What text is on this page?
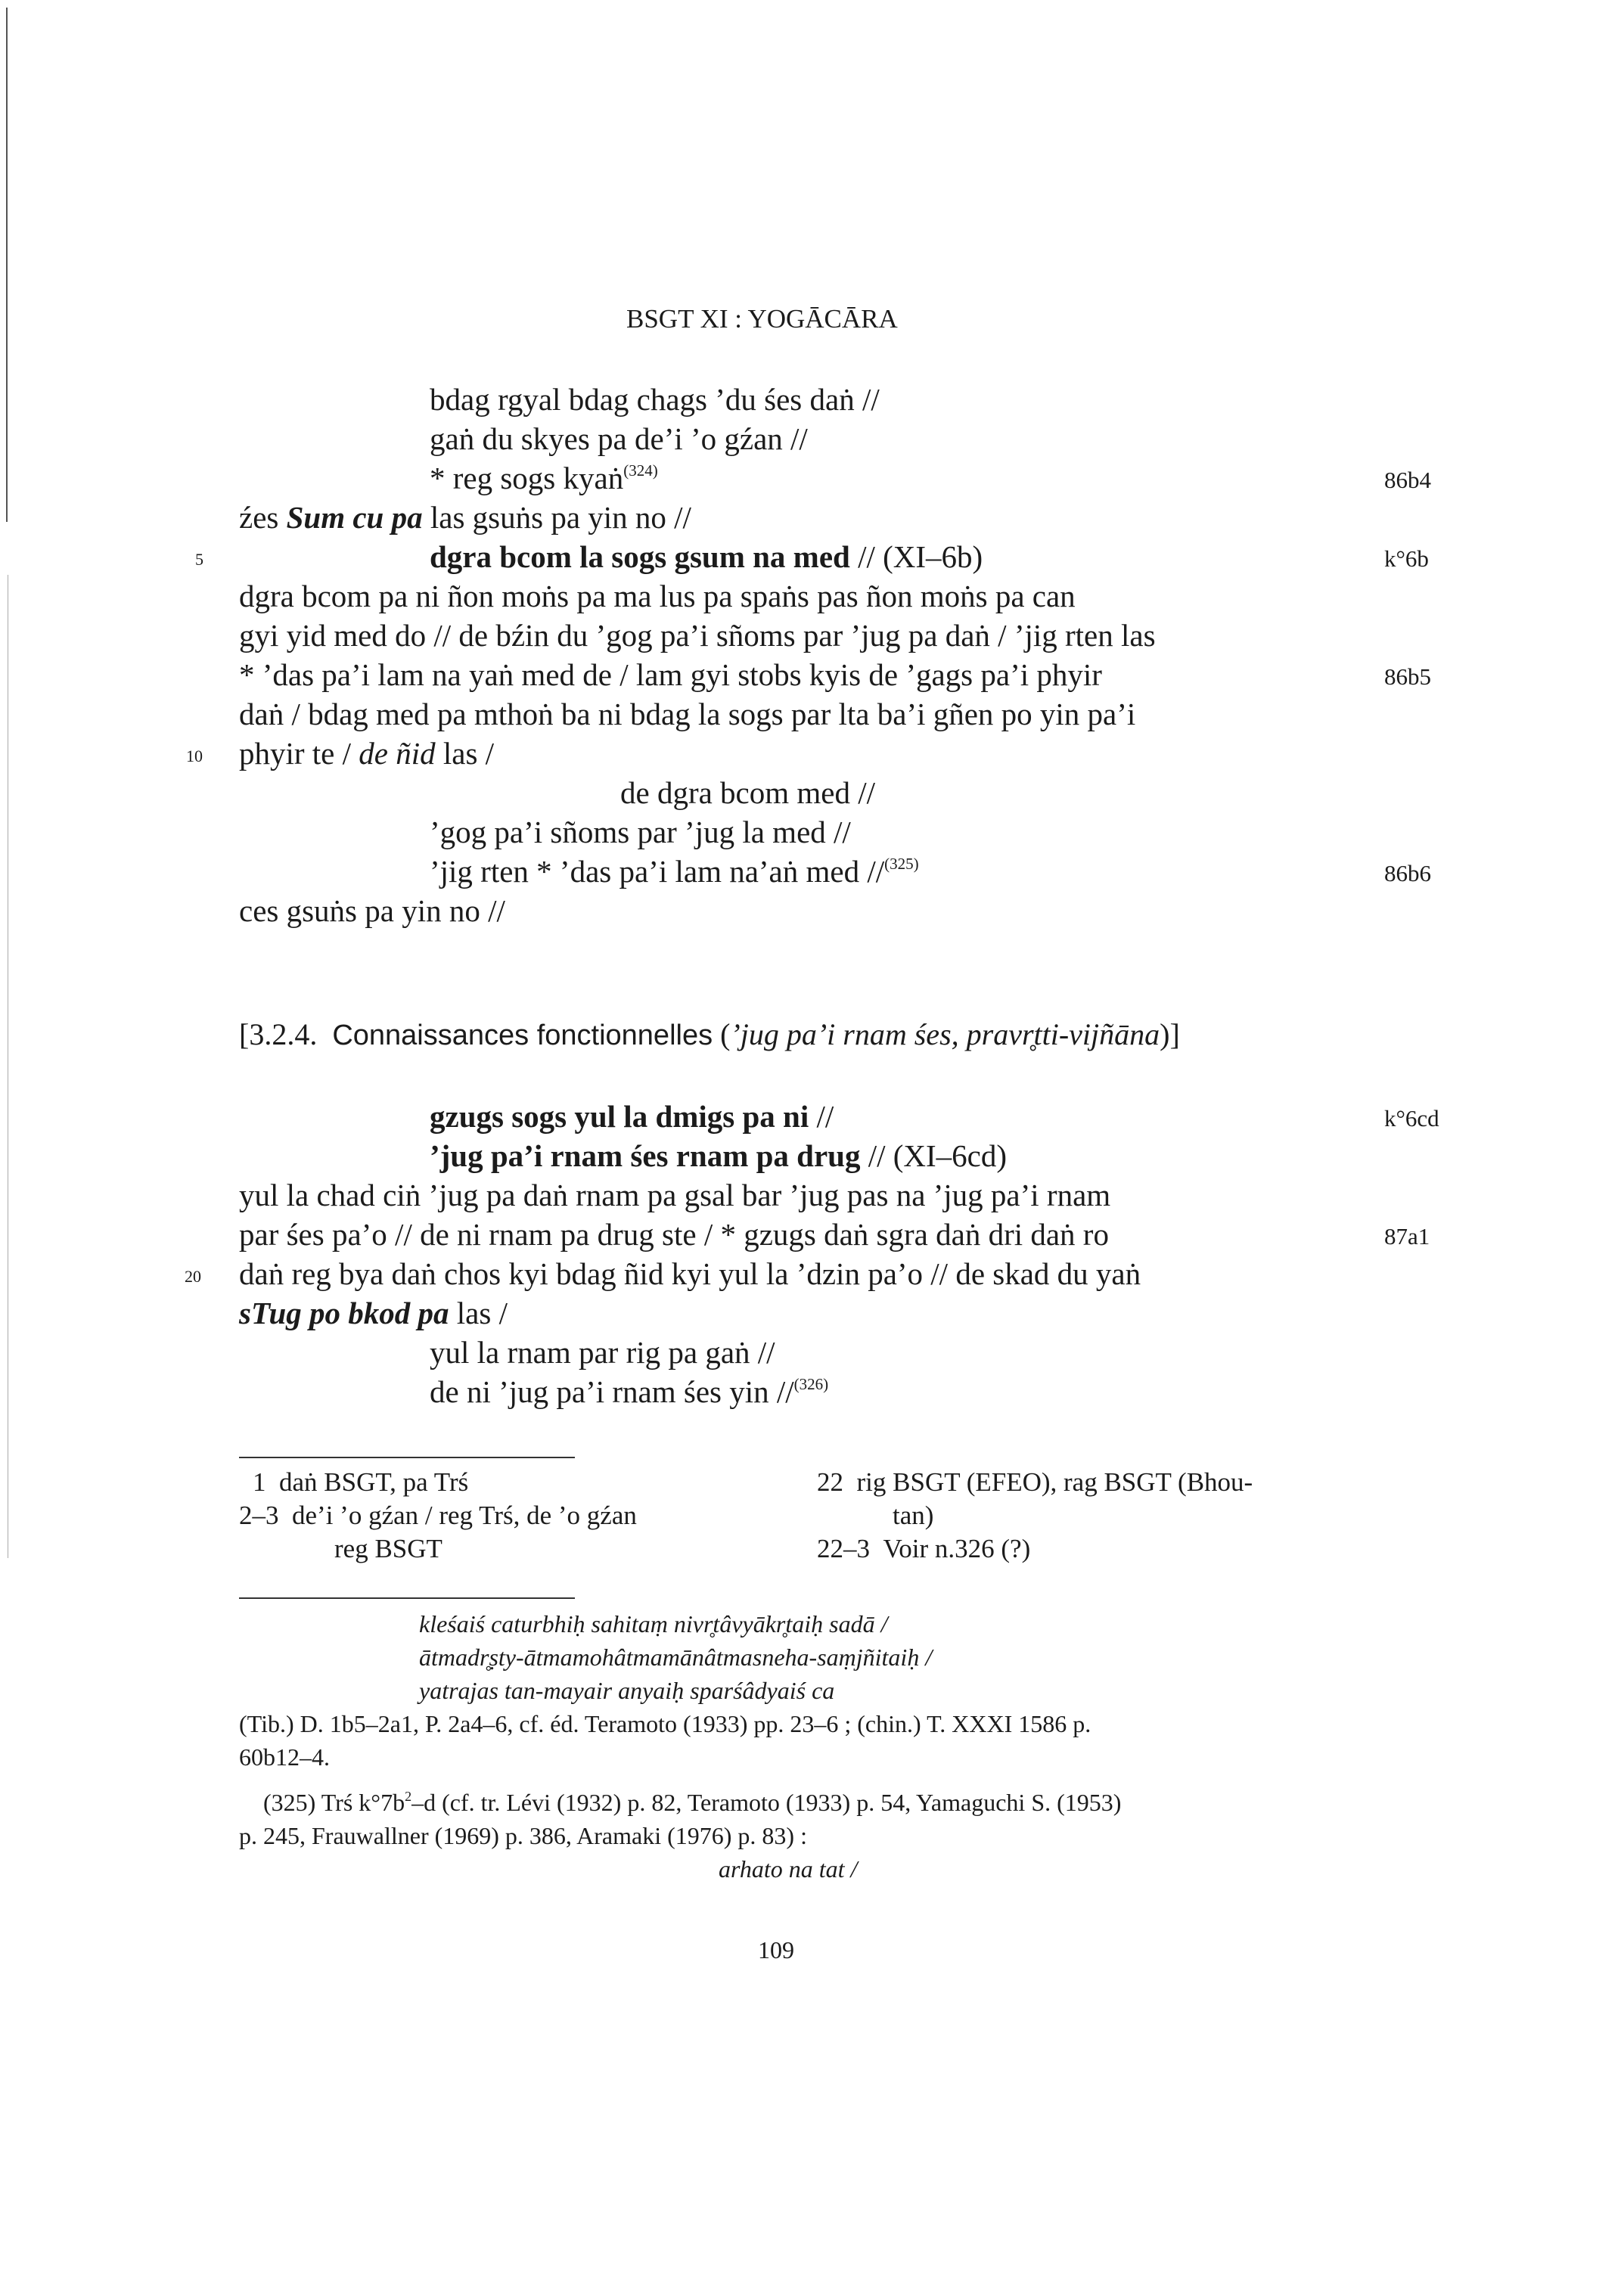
BSGT XI : YOGĀCĀRA
bdag rgyal bdag chags ’du śes daṅ //
gaṅ du skyes pa de’i ’o gźan //
* reg sogs kyaṅ$^{(324)}$
źes Sum cu pa las gsuṅs pa yin no //
dgra bcom la sogs gsum na med // (XI–6b)
dgra bcom pa ni ñon moṅs pa ma lus pa spaṅs pas ñon moṅs pa can
gyi yid med do // de bźin du ’gog pa’i sñoms par ’jug pa daṅ / ’jig rten las
* ’das pa’i lam na yaṅ med de / lam gyi stobs kyis de ’gags pa’i phyir
daṅ / bdag med pa mthoṅ ba ni bdag la sogs par lta ba’i gñen po yin pa’i
phyir te / de ñid las /
de dgra bcom med //
’gog pa’i sñoms par ’jug la med //
’jig rten * ’das pa’i lam na’aṅ med //$^{(325)}$
ces gsuṅs pa yin no //
[3.2.4. Connaissances fonctionnelles (’jug pa’i rnam śes, pravr̥tti-vijñāna)]
gzugs sogs yul la dmigs pa ni //
’jug pa’i rnam śes rnam pa drug // (XI–6cd)
yul la chad ciṅ ’jug pa daṅ rnam pa gsal bar ’jug pas na ’jug pa’i rnam
par śes pa’o // de ni rnam pa drug ste / * gzugs daṅ sgra daṅ dri daṅ ro
daṅ reg bya daṅ chos kyi bdag ñid kyi yul la ’dzin pa’o // de skad du yaṅ
sTug po bkod pa las /
yul la rnam par rig pa gaṅ //
de ni ’jug pa’i rnam śes yin //$^{(326)}$
86b4
k°6b
86b5
86b6
k°6cd
87a1
5
10
20
1 daṅ BSGT, pa Trś
2–3 de’i ’o gźan / reg Trś, de ’o gźan
reg BSGT
22 rig BSGT (EFEO), rag BSGT (Bhou-
tan)
22–3 Voir n.326 (?)
kleśaiś caturbhiḥ sahitaṃ nivr̥tâvyākr̥taiḥ sadā /
ātmadr̥ṣty-ātmamohâtmamānâtmasneha-saṃjñitaiḥ /
yatrajas tan-mayair anyaiḥ sparśâdyaiś ca
(Tib.) D. 1b5–2a1, P. 2a4–6, cf. éd. Teramoto (1933) pp. 23–6 ; (chin.) T. XXXI 1586 p.
60b12–4.
(325) Trś $k^\circ 7b^2-d$ (cf. tr. Lévi (1932) p. 82, Teramoto (1933) p. 54, Yamaguchi S. (1953)
p. 245, Frauwallner (1969) p. 386, Aramaki (1976) p. 83) :
arhato na tat /
109
